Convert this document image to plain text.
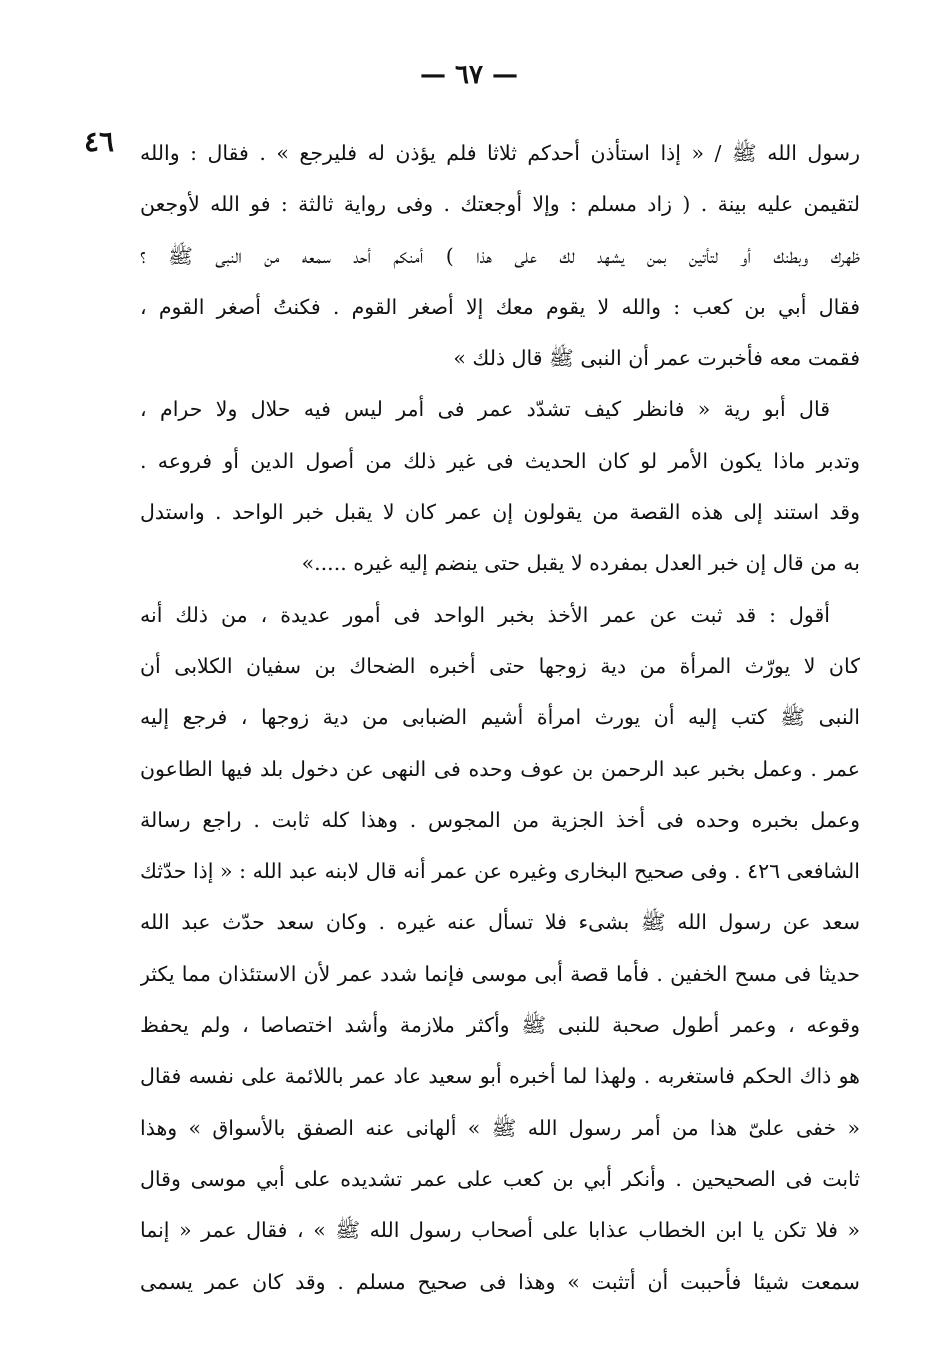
— ٦٧ —
٤٦ رسول الله ﷺ / « إذا استأذن أحدكم ثلاثا فلم يؤذن له فليرجع » . فقال : والله
لتقيمن عليه بينة . ( زاد مسلم : وإلا أوجعتك . وفى رواية ثالثة : فو الله لأوجعن
ظهرك وبطنك أو لتأتين بمن يشهد لك على هذا ) أمنكم أحد سمعه من النبى ﷺ ؟
فقال أبي بن كعب : والله لا يقوم معك إلا أصغر القوم . فكنتُ أصغر القوم ،
فقمت معه فأخبرت عمر أن النبى ﷺ قال ذلك »
قال أبو رية « فانظر كيف تشدّد عمر فى أمر ليس فيه حلال ولا حرام ،
وتدبر ماذا يكون الأمر لو كان الحديث فى غير ذلك من أصول الدين أو فروعه .
وقد استند إلى هذه القصة من يقولون إن عمر كان لا يقبل خبر الواحد . واستدل
به من قال إن خبر العدل بمفرده لا يقبل حتى ينضم إليه غيره .....»
أقول : قد ثبت عن عمر الأخذ بخبر الواحد فى أمور عديدة ، من ذلك أنه
كان لا يورّث المرأة من دية زوجها حتى أخبره الضحاك بن سفيان الكلابى أن
النبى ﷺ كتب إليه أن يورث امرأة أشيم الضبابى من دية زوجها ، فرجع إليه
عمر . وعمل بخبر عبد الرحمن بن عوف وحده فى النهى عن دخول بلد فيها الطاعون
وعمل بخبره وحده فى أخذ الجزية من المجوس . وهذا كله ثابت . راجع رسالة
الشافعى ٤٢٦ . وفى صحيح البخارى وغيره عن عمر أنه قال لابنه عبد الله : « إذا حدّثك
سعد عن رسول الله ﷺ بشىء فلا تسأل عنه غيره . وكان سعد حدّث عبد الله
حديثا فى مسح الخفين . فأما قصة أبى موسى فإنما شدد عمر لأن الاستئذان مما يكثر
وقوعه ، وعمر أطول صحبة للنبى ﷺ وأكثر ملازمة وأشد اختصاصا ، ولم يحفظ
هو ذاك الحكم فاستغربه . ولهذا لما أخبره أبو سعيد عاد عمر باللائمة على نفسه فقال
« خفى علىّ هذا من أمر رسول الله ﷺ » ألهانى عنه الصفق بالأسواق » وهذا
ثابت فى الصحيحين . وأنكر أبي بن كعب على عمر تشديده على أبي موسى وقال
« فلا تكن يا ابن الخطاب عذابا على أصحاب رسول الله ﷺ » ، فقال عمر « إنما
سمعت شيئا فأحببت أن أتثبت » وهذا فى صحيح مسلم . وقد كان عمر يسمى
